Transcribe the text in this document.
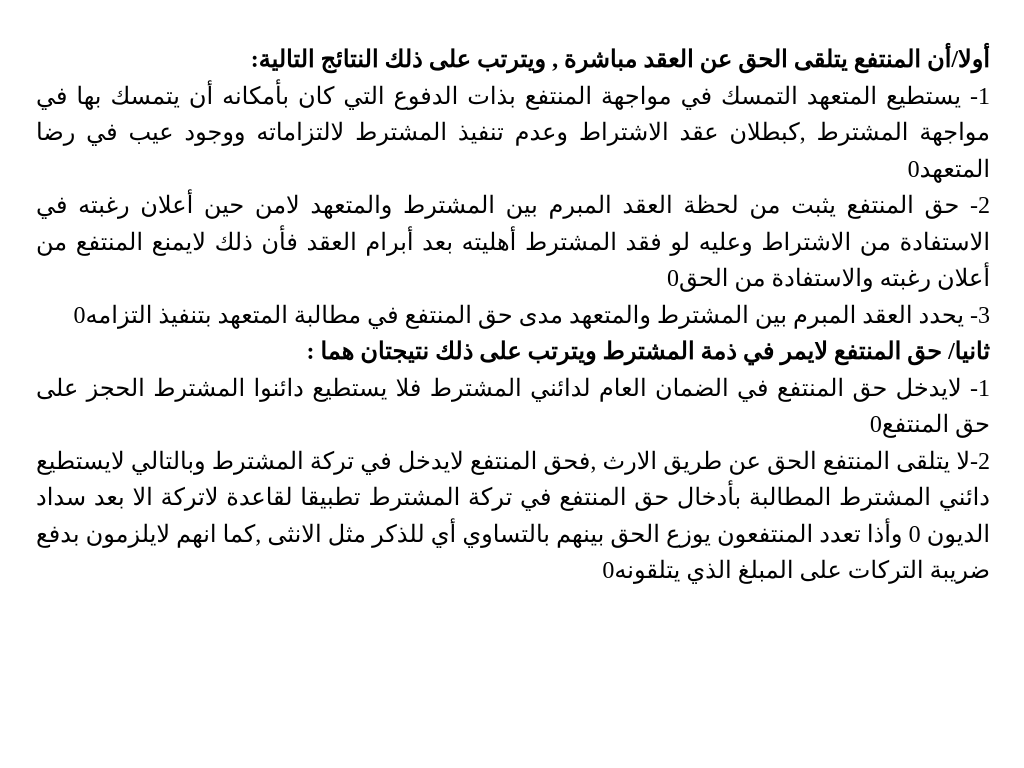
أولا/أن المنتفع يتلقى الحق عن العقد مباشرة , ويترتب على ذلك النتائج التالية:

1- يستطيع المتعهد التمسك في مواجهة المنتفع بذات الدفوع التي كان بأمكانه أن يتمسك بها في مواجهة المشترط ,كبطلان عقد الاشتراط وعدم تنفيذ المشترط لالتزاماته ووجود عيب في رضا المتعهد0

2- حق المنتفع يثبت من لحظة العقد المبرم بين المشترط والمتعهد لامن حين أعلان رغبته في الاستفادة من الاشتراط وعليه لو فقد المشترط أهليته بعد أبرام العقد فأن ذلك لايمنع المنتفع من أعلان رغبته والاستفادة من الحق0

3- يحدد العقد المبرم بين المشترط والمتعهد مدى حق المنتفع في مطالبة المتعهد بتنفيذ التزامه0

ثانيا/ حق المنتفع لايمر في ذمة المشترط ويترتب على ذلك نتيجتان هما :

1- لايدخل حق المنتفع في الضمان العام لدائني المشترط فلا يستطيع دائنوا المشترط الحجز على حق المنتفع0

2-لا يتلقى المنتفع الحق عن طريق الارث ,فحق المنتفع لايدخل في تركة المشترط وبالتالي لايستطيع دائني المشترط المطالبة بأدخال حق المنتفع في تركة المشترط تطبيقا لقاعدة لاتركة الا بعد سداد الديون 0 وأذا تعدد المنتفعون يوزع الحق بينهم بالتساوي أي للذكر مثل الانثى ,كما انهم لايلزمون بدفع ضريبة التركات على المبلغ الذي يتلقونه0
